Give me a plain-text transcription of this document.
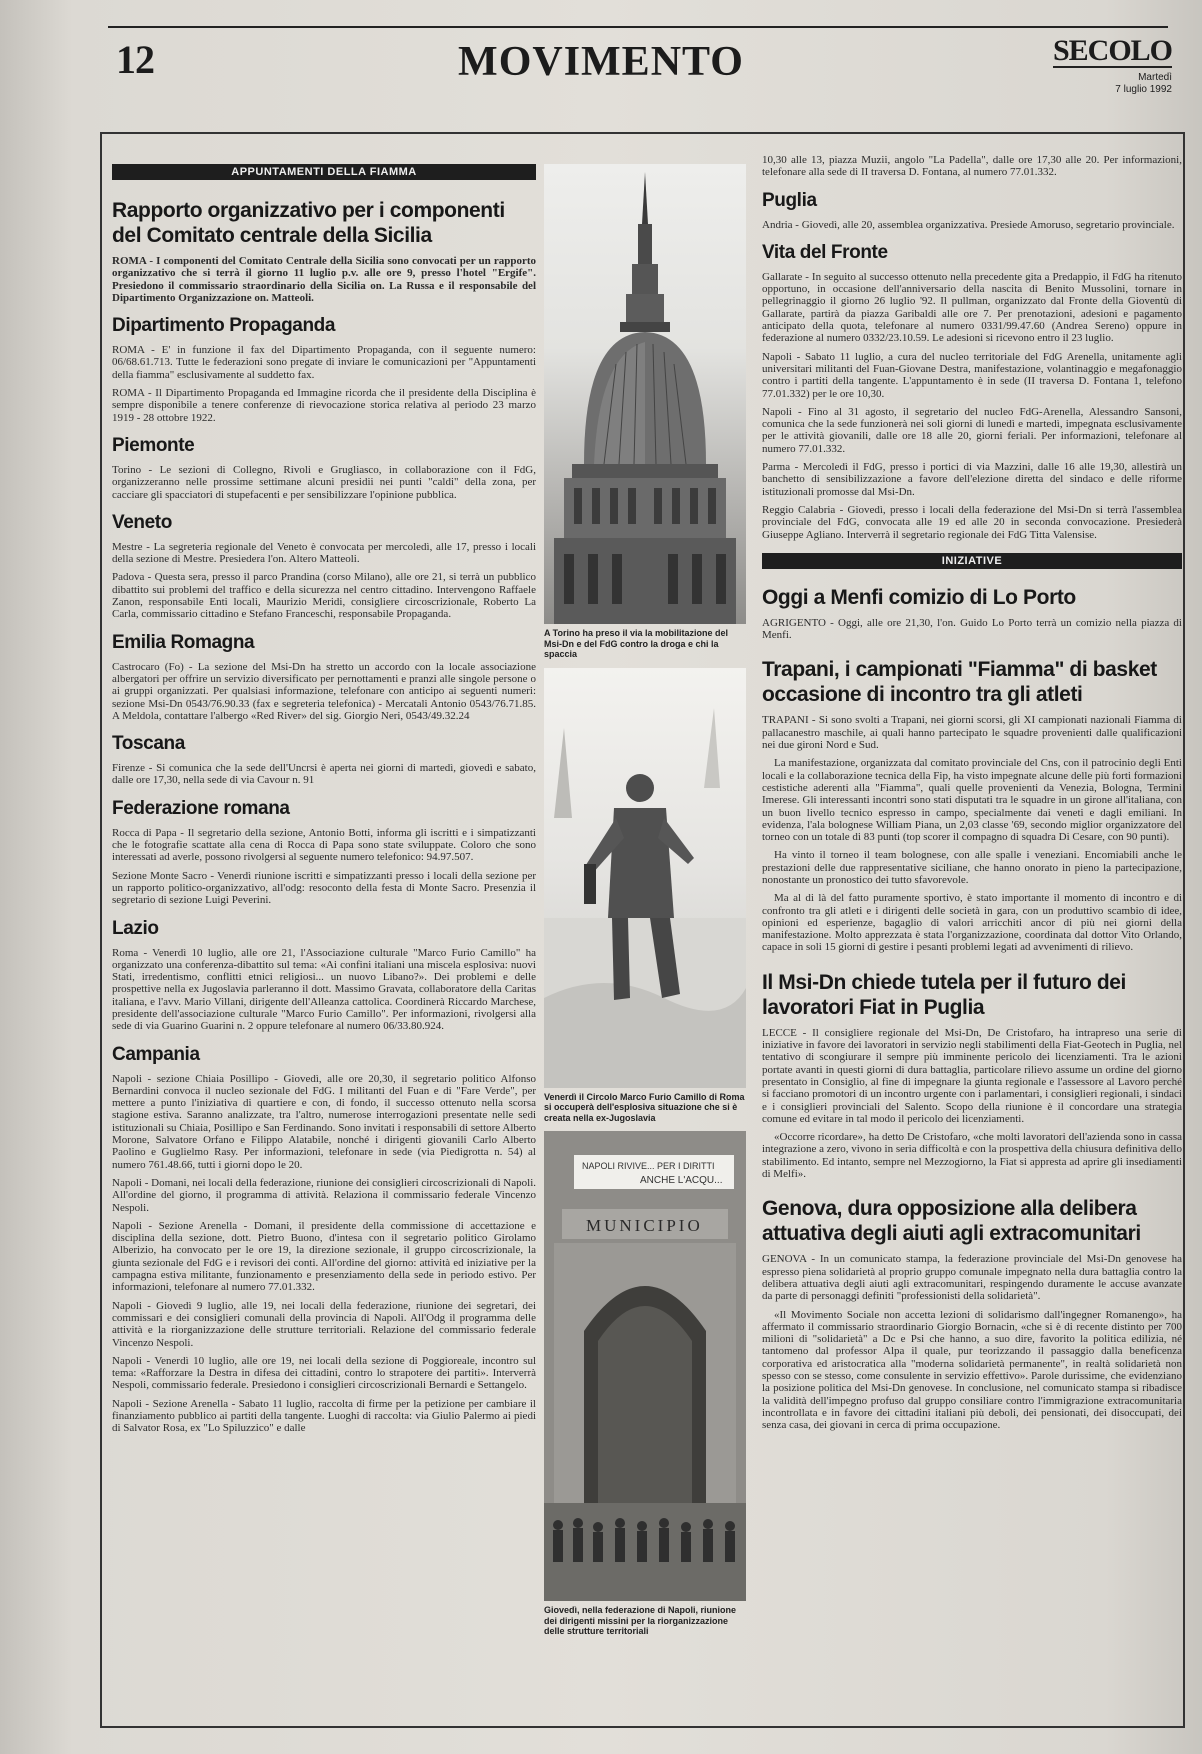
12	MOVIMENTO	SECOLO
Martedì
7 luglio 1992
APPUNTAMENTI DELLA FIAMMA
Rapporto organizzativo per i componenti del Comitato centrale della Sicilia

ROMA - I componenti del Comitato Centrale della Sicilia sono convocati per un rapporto organizzativo che si terrà il giorno 11 luglio p.v. alle ore 9, presso l'hotel "Ergife". Presiedono il commissario straordinario della Sicilia on. La Russa e il responsabile del Dipartimento Organizzazione on. Matteoli.

Dipartimento Propaganda

ROMA - E' in funzione il fax del Dipartimento Propaganda, con il seguente numero: 06/68.61.713. Tutte le federazioni sono pregate di inviare le comunicazioni per "Appuntamenti della fiamma" esclusivamente al suddetto fax.

ROMA - Il Dipartimento Propaganda ed Immagine ricorda che il presidente della Disciplina è sempre disponibile a tenere conferenze di rievocazione storica relativa al periodo 23 marzo 1919 - 28 ottobre 1922.

Piemonte

Torino - Le sezioni di Collegno, Rivoli e Grugliasco, in collaborazione con il FdG, organizzeranno nelle prossime settimane alcuni presidii nei punti "caldi" della zona, per cacciare gli spacciatori di stupefacenti e per sensibilizzare l'opinione pubblica.

Veneto

Mestre - La segreteria regionale del Veneto è convocata per mercoledì, alle 17, presso i locali della sezione di Mestre. Presiedera l'on. Altero Matteoli.

Padova - Questa sera, presso il parco Prandina (corso Milano), alle ore 21, si terrà un pubblico dibattito sui problemi del traffico e della sicurezza nel centro cittadino. Intervengono Raffaele Zanon, responsabile Enti locali, Maurizio Meridi, consigliere circoscrizionale, Roberto La Carla, commissario cittadino e Stefano Franceschi, responsabile Propaganda.

Emilia Romagna

Castrocaro (Fo) - La sezione del Msi-Dn ha stretto un accordo con la locale associazione albergatori per offrire un servizio diversificato per pernottamenti e pranzi alle singole persone o ai gruppi organizzati. Per qualsiasi informazione, telefonare con anticipo ai seguenti numeri: sezione Msi-Dn 0543/76.90.33 (fax e segreteria telefonica) - Mercatali Antonio 0543/76.71.85. A Meldola, contattare l'albergo «Red River» del sig. Giorgio Neri, 0543/49.32.24

Toscana

Firenze - Si comunica che la sede dell'Uncrsi è aperta nei giorni di martedì, giovedì e sabato, dalle ore 17,30, nella sede di via Cavour n. 91

Federazione romana

Rocca di Papa - Il segretario della sezione, Antonio Botti, informa gli iscritti e i simpatizzanti che le fotografie scattate alla cena di Rocca di Papa sono state sviluppate. Coloro che sono interessati ad averle, possono rivolgersi al seguente numero telefonico: 94.97.507.

Sezione Monte Sacro - Venerdì riunione iscritti e simpatizzanti presso i locali della sezione per un rapporto politico-organizzativo, all'odg: resoconto della festa di Monte Sacro. Presenzia il segretario di sezione Luigi Peverini.

Lazio

Roma - Venerdì 10 luglio, alle ore 21, l'Associazione culturale "Marco Furio Camillo" ha organizzato una conferenza-dibattito sul tema: «Ai confini italiani una miscela esplosiva: nuovi Stati, irredentismo, conflitti etnici religiosi... un nuovo Libano?». Dei problemi e delle prospettive nella ex Jugoslavia parleranno il dott. Massimo Gravata, collaboratore della Caritas italiana, e l'avv. Mario Villani, dirigente dell'Alleanza cattolica. Coordinerà Riccardo Marchese, presidente dell'associazione culturale "Marco Furio Camillo". Per informazioni, rivolgersi alla sede di via Guarino Guarini n. 2 oppure telefonare al numero 06/33.80.924.

Campania

Napoli - sezione Chiaia Posillipo - Giovedì, alle ore 20,30, il segretario politico Alfonso Bernardini convoca il nucleo sezionale del FdG. I militanti del Fuan e di "Fare Verde", per mettere a punto l'iniziativa di quartiere e con, di fondo, il successo ottenuto nella scorsa stagione estiva. Saranno analizzate, tra l'altro, numerose interrogazioni presentate nelle sedi istituzionali su Chiaia, Posillipo e San Ferdinando. Sono invitati i responsabili di settore Alberto Morone, Salvatore Orfano e Filippo Alatabile, nonché i dirigenti giovanili Carlo Alberto Paolino e Guglielmo Rasy. Per informazioni, telefonare in sede (via Piedigrotta n. 54) al numero 761.48.66, tutti i giorni dopo le 20.

Napoli - Domani, nei locali della federazione, riunione dei consiglieri circoscrizionali di Napoli. All'ordine del giorno, il programma di attività. Relaziona il commissario federale Vincenzo Nespoli.

Napoli - Sezione Arenella - Domani, il presidente della commissione di accettazione e disciplina della sezione, dott. Pietro Buono, d'intesa con il segretario politico Girolamo Alberizio, ha convocato per le ore 19, la direzione sezionale, il gruppo circoscrizionale, la giunta sezionale del FdG e i revisori dei conti. All'ordine del giorno: attività ed iniziative per la campagna estiva militante, funzionamento e presenziamento della sede in periodo estivo. Per informazioni, telefonare al numero 77.01.332.

Napoli - Giovedì 9 luglio, alle 19, nei locali della federazione, riunione dei segretari, dei commissari e dei consiglieri comunali della provincia di Napoli. All'Odg il programma delle attività e la riorganizzazione delle strutture territoriali. Relazione del commissario federale Vincenzo Nespoli.

Napoli - Venerdì 10 luglio, alle ore 19, nei locali della sezione di Poggioreale, incontro sul tema: «Rafforzare la Destra in difesa dei cittadini, contro lo strapotere dei partiti». Interverrà Nespoli, commissario federale. Presiedono i consiglieri circoscrizionali Bernardi e Settangelo.

Napoli - Sezione Arenella - Sabato 11 luglio, raccolta di firme per la petizione per cambiare il finanziamento pubblico ai partiti della tangente. Luoghi di raccolta: via Giulio Palermo ai piedi di Salvator Rosa, ex "Lo Spiluzzico" e dalle

A Torino ha preso il via la mobilitazione del Msi-Dn e del FdG contro la droga e chi la spaccia
Venerdì il Circolo Marco Furio Camillo di Roma si occuperà dell'esplosiva situazione che si è creata nella ex-Jugoslavia
NAPOLI RIVIVE... PER I DIRITTI
ANCHE L'ACQU...
MUNICIPIO
Giovedì, nella federazione di Napoli, riunione dei dirigenti missini per la riorganizzazione delle strutture territoriali

10,30 alle 13, piazza Muzii, angolo "La Padella", dalle ore 17,30 alle 20. Per informazioni, telefonare alla sede di II traversa D. Fontana, al numero 77.01.332.

Puglia

Andria - Giovedì, alle 20, assemblea organizzativa. Presiede Amoruso, segretario provinciale.

Vita del Fronte

Gallarate - In seguito al successo ottenuto nella precedente gita a Predappio, il FdG ha ritenuto opportuno, in occasione dell'anniversario della nascita di Benito Mussolini, tornare in pellegrinaggio il giorno 26 luglio '92. Il pullman, organizzato dal Fronte della Gioventù di Gallarate, partirà da piazza Garibaldi alle ore 7. Per prenotazioni, adesioni e pagamento anticipato della quota, telefonare al numero 0331/99.47.60 (Andrea Sereno) oppure in federazione al numero 0332/23.10.59. Le adesioni si ricevono entro il 23 luglio.

Napoli - Sabato 11 luglio, a cura del nucleo territoriale del FdG Arenella, unitamente agli universitari militanti del Fuan-Giovane Destra, manifestazione, volantinaggio e megafonaggio contro i partiti della tangente. L'appuntamento è in sede (II traversa D. Fontana 1, telefono 77.01.332) per le ore 10,30.

Napoli - Fino al 31 agosto, il segretario del nucleo FdG-Arenella, Alessandro Sansoni, comunica che la sede funzionerà nei soli giorni di lunedì e martedì, impegnata esclusivamente per le attività giovanili, dalle ore 18 alle 20, giorni feriali. Per informazioni, telefonare al numero 77.01.332.

Parma - Mercoledì il FdG, presso i portici di via Mazzini, dalle 16 alle 19,30, allestirà un banchetto di sensibilizzazione a favore dell'elezione diretta del sindaco e delle riforme istituzionali promosse dal Msi-Dn.

Reggio Calabria - Giovedì, presso i locali della federazione del Msi-Dn si terrà l'assemblea provinciale del FdG, convocata alle 19 ed alle 20 in seconda convocazione. Presiederà Giuseppe Agliano. Interverrà il segretario regionale dei FdG Titta Valensise.

INIZIATIVE
Oggi a Menfi comizio di Lo Porto

AGRIGENTO - Oggi, alle ore 21,30, l'on. Guido Lo Porto terrà un comizio nella piazza di Menfi.

Trapani, i campionati "Fiamma" di basket occasione di incontro tra gli atleti

TRAPANI - Si sono svolti a Trapani, nei giorni scorsi, gli XI campionati nazionali Fiamma di pallacanestro maschile, ai quali hanno partecipato le squadre provenienti dalle qualificazioni nei due gironi Nord e Sud.

La manifestazione, organizzata dal comitato provinciale del Cns, con il patrocinio degli Enti locali e la collaborazione tecnica della Fip, ha visto impegnate alcune delle più forti formazioni cestistiche aderenti alla "Fiamma", quali quelle provenienti da Venezia, Bologna, Termini Imerese. Gli interessanti incontri sono stati disputati tra le squadre in un girone all'italiana, con un buon livello tecnico espresso in campo, specialmente dai veneti e dagli emiliani. In evidenza, l'ala bolognese William Piana, un 2,03 classe '69, secondo miglior organizzatore del torneo con un totale di 83 punti (top scorer il compagno di squadra Di Cesare, con 90 punti).

Ha vinto il torneo il team bolognese, con alle spalle i veneziani. Encomiabili anche le prestazioni delle due rappresentative siciliane, che hanno onorato in pieno la partecipazione, nonostante un pronostico dei tutto sfavorevole.

Ma al di là del fatto puramente sportivo, è stato importante il momento di incontro e di confronto tra gli atleti e i dirigenti delle società in gara, con un produttivo scambio di idee, opinioni ed esperienze, bagaglio di valori arricchiti ancor di più nei giorni della manifestazione. Molto apprezzata è stata l'organizzazione, coordinata dal dottor Vito Orlando, capace in soli 15 giorni di gestire i pesanti problemi legati ad avvenimenti di rilievo.

Il Msi-Dn chiede tutela per il futuro dei lavoratori Fiat in Puglia

LECCE - Il consigliere regionale del Msi-Dn, De Cristofaro, ha intrapreso una serie di iniziative in favore dei lavoratori in servizio negli stabilimenti della Fiat-Geotech in Puglia, nel tentativo di scongiurare il sempre più imminente pericolo dei licenziamenti. Tra le azioni portate avanti in questi giorni di dura battaglia, particolare rilievo assume un ordine del giorno presentato in Consiglio, al fine di impegnare la giunta regionale e l'assessore al Lavoro perché si facciano promotori di un incontro urgente con i parlamentari, i consiglieri regionali, i sindaci e i consiglieri provinciali del Salento. Scopo della riunione è il concordare una strategia comune ed evitare in tal modo il pericolo dei licenziamenti.

«Occorre ricordare», ha detto De Cristofaro, «che molti lavoratori dell'azienda sono in cassa integrazione a zero, vivono in seria difficoltà e con la prospettiva della chiusura definitiva dello stabilimento. Ed intanto, sempre nel Mezzogiorno, la Fiat si appresta ad aprire gli insediamenti di Melfi».

Genova, dura opposizione alla delibera attuativa degli aiuti agli extracomunitari

GENOVA - In un comunicato stampa, la federazione provinciale del Msi-Dn genovese ha espresso piena solidarietà al proprio gruppo comunale impegnato nella dura battaglia contro la delibera attuativa degli aiuti agli extracomunitari, respingendo duramente le accuse avanzate da parte di personaggi definiti "professionisti della solidarietà".

«Il Movimento Sociale non accetta lezioni di solidarismo dall'ingegner Romanengo», ha affermato il commissario straordinario Giorgio Bornacin, «che si è di recente distinto per 700 milioni di "solidarietà" a Dc e Psi che hanno, a suo dire, favorito la politica edilizia, né tantomeno dal professor Alpa il quale, pur teorizzando il passaggio dalla beneficenza corporativa ed aristocratica alla "moderna solidarietà permanente", in realtà solidarietà non spesso con se stesso, come consulente in servizio effettivo». Parole durissime, che evidenziano la posizione politica del Msi-Dn genovese. In conclusione, nel comunicato stampa si ribadisce la validità dell'impegno profuso dal gruppo consiliare contro l'immigrazione extracomunitaria incontrollata e in favore dei cittadini italiani più deboli, dei pensionati, dei disoccupati, dei senza casa, dei giovani in cerca di prima occupazione.
